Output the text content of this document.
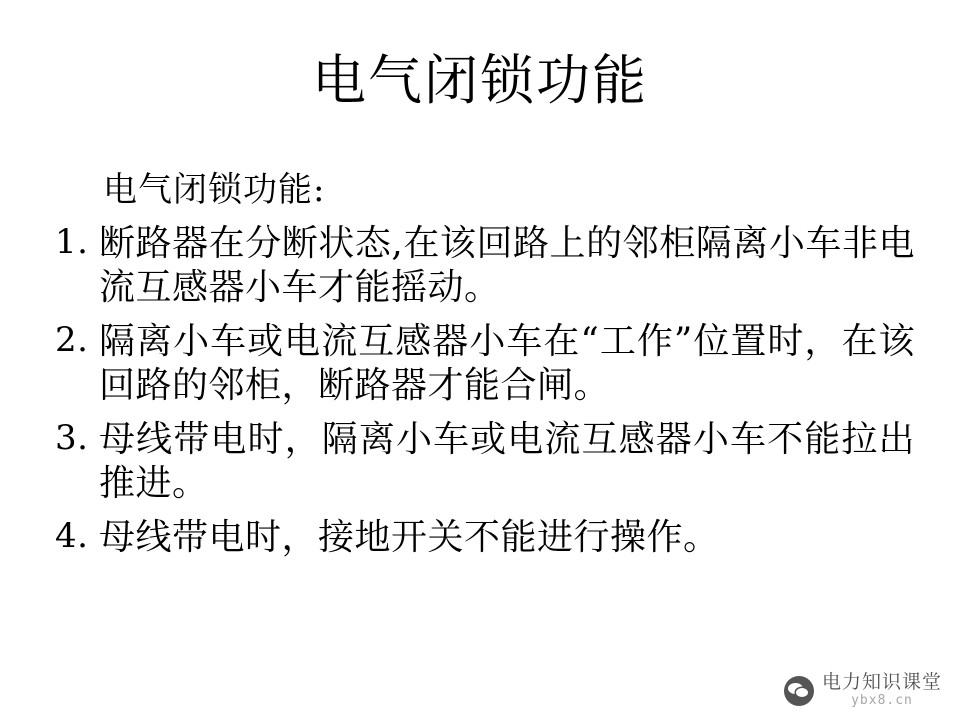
电气闭锁功能
电气闭锁功能:
1. 断路器在分断状态,在该回路上的邻柜隔离小车非电流互感器小车才能摇动。
2. 隔离小车或电流互感器小车在“工作”位置时，在该回路的邻柜，断路器才能合闸。
3. 母线带电时，隔离小车或电流互感器小车不能拉出推进。
4. 母线带电时，接地开关不能进行操作。
电力知识课堂
ybx8.cn
